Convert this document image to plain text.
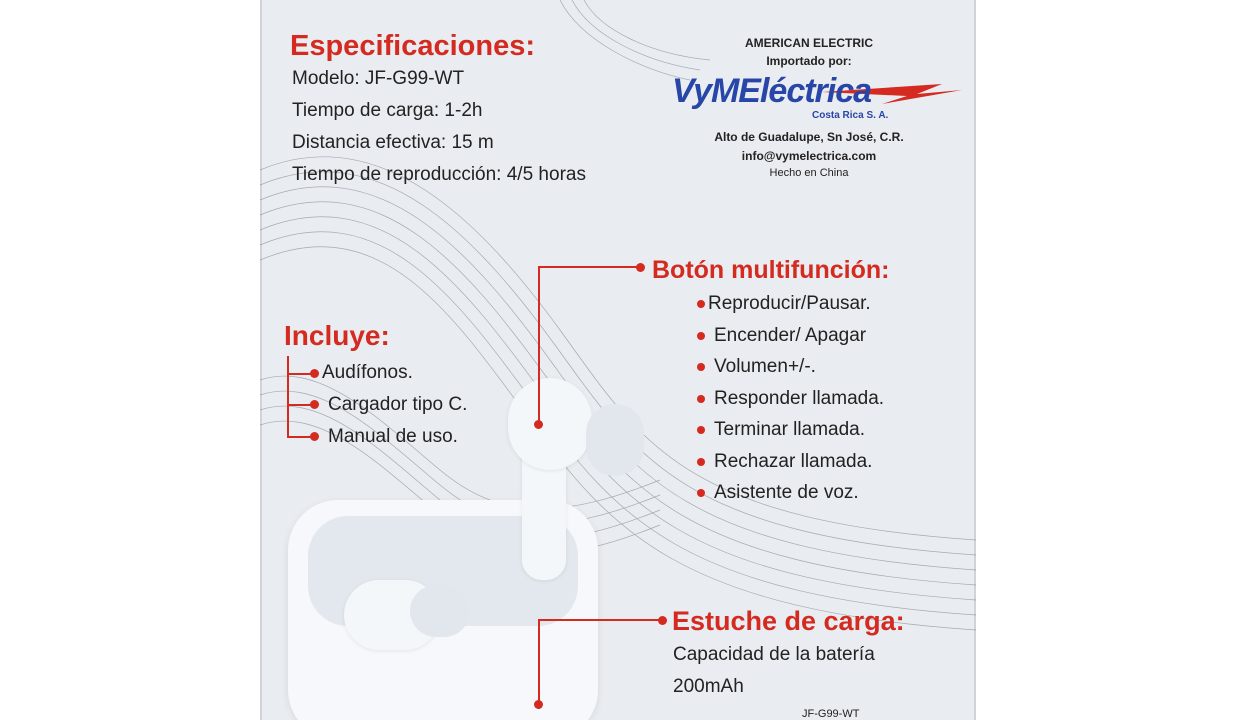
Especificaciones:

Modelo: JF-G99-WT

Tiempo de carga: 1-2h

Distancia efectiva: 15 m

Tiempo de reproducción: 4/5 horas

AMERICAN ELECTRIC
Importado por:
VyMEléctrica
Costa Rica S. A.
Alto de Guadalupe, Sn José, C.R.
info@vymelectrica.com
Hecho en China
Incluye:

Audífonos.

Cargador tipo C.

Manual de uso.

Botón multifunción:

Reproducir/Pausar.

Encender/ Apagar

Volumen+/-.

Responder llamada.

Terminar llamada.

Rechazar llamada.

Asistente de voz.

Estuche de carga:

Capacidad de la batería

200mAh

JF-G99-WT
